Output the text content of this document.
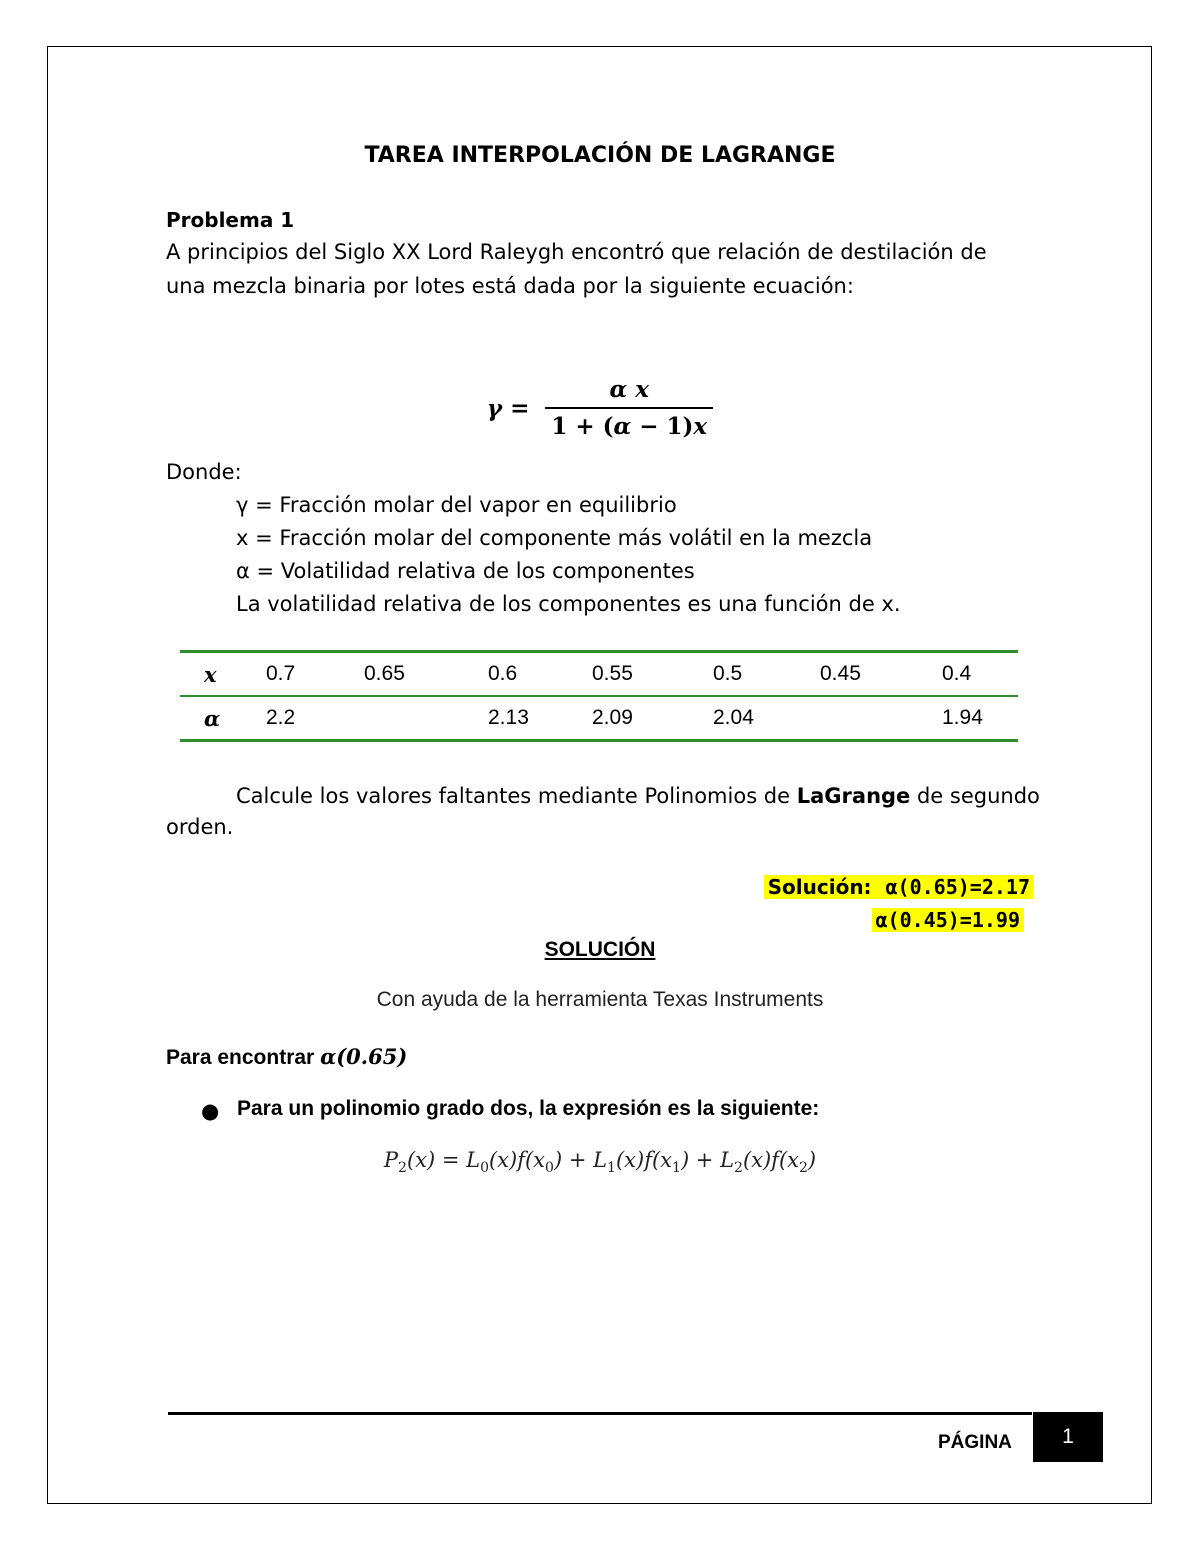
TAREA INTERPOLACIÓN DE LAGRANGE
Problema 1
A principios del Siglo XX Lord Raleygh encontró que relación de destilación de
una mezcla binaria por lotes está dada por la siguiente ecuación:
$\gamma = \frac{\text{α x}}{1 + (\alpha - 1)x}$
Donde:
γ = Fracción molar del vapor en equilibrio
x = Fracción molar del componente más volátil en la mezcla
α = Volatilidad relativa de los componentes
La volatilidad relativa de los componentes es una función de x.
x	0.7	0.65	0.6	0.55	0.5	0.45	0.4
α	2.2		2.13	2.09	2.04		1.94
Calcule los valores faltantes mediante Polinomios de LaGrange de segundo
orden.
Solución: α(0.65)=2.17
α(0.45)=1.99
SOLUCIÓN
Con ayuda de la herramienta Texas Instruments
Para encontrar α(0.65)
● Para un polinomio grado dos, la expresión es la siguiente:
$P_2(x) = L_0(x)f(x_0) + L_1(x)f(x_1) + L_2(x)f(x_2)$
PÁGINA 1
